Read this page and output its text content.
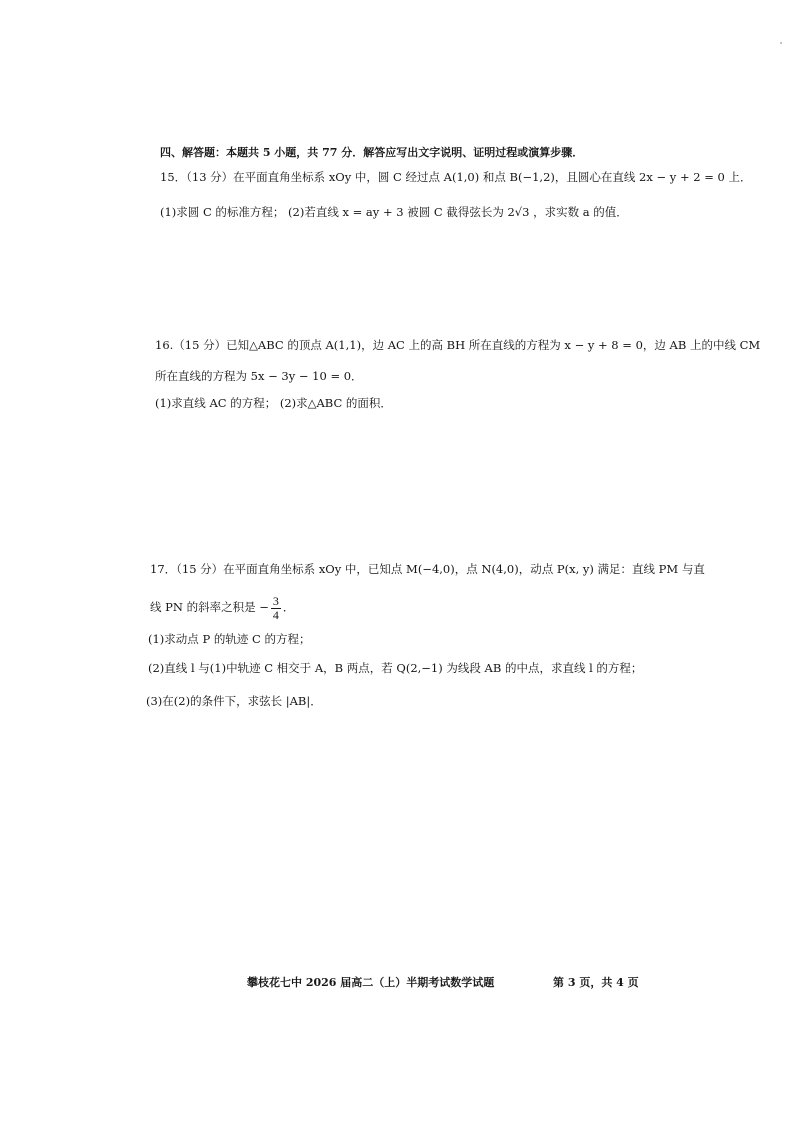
四、解答题：本题共 5 小题，共 77 分．解答应写出文字说明、证明过程或演算步骤．
15．（13 分）在平面直角坐标系 xOy 中，圆 C 经过点 A(1,0) 和点 B(−1,2)，且圆心在直线 2x − y + 2 = 0 上．
(1)求圆 C 的标准方程； (2)若直线 x = ay + 3 被圆 C 截得弦长为 2√3 ，求实数 a 的值．
16.（15 分）已知△ABC 的顶点 A(1,1)，边 AC 上的高 BH 所在直线的方程为 x − y + 8 = 0，边 AB 上的中线 CM
所在直线的方程为 5x − 3y − 10 = 0．
(1)求直线 AC 的方程； (2)求△ABC 的面积．
17．（15 分）在平面直角坐标系 xOy 中，已知点 M(−4,0)，点 N(4,0)，动点 P(x, y) 满足：直线 PM 与直
线 PN 的斜率之积是 − $\frac{3}{4}$ ．
(1)求动点 P 的轨迹 C 的方程；
(2)直线 l 与(1)中轨迹 C 相交于 A，B 两点，若 Q(2,−1) 为线段 AB 的中点，求直线 l 的方程；
(3)在(2)的条件下，求弦长 |AB|．
攀枝花七中 2026 届高二（上）半期考试数学试题	第 3 页，共 4 页
